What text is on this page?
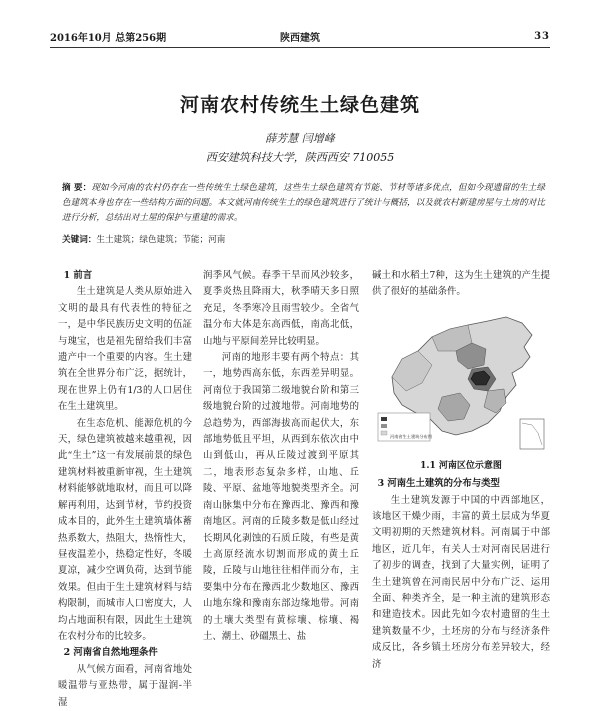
2016年10月 总第256期	陕西建筑	33
河南农村传统生土绿色建筑
薛芳慧 闫增峰
西安建筑科技大学，陕西西安 710055
摘 要：现如今河南的农村仍存在一些传统生土绿色建筑，这些生土绿色建筑有节能、节材等诸多优点，但如今现遗留的生土绿色建筑本身也存在一些结构方面的问题。本文就河南传统生土的绿色建筑进行了统计与概括，以及就农村新建房屋与土房的对比进行分析，总结出对土屋的保护与重建的需求。
关键词：生土建筑；绿色建筑；节能；河南
1 前言

生土建筑是人类从原始进入文明的最具有代表性的特征之一，是中华民族历史文明的伍証与瑰宝，也是祖先留给我们丰富遗产中一个重要的内容。生土建筑在全世界分布广泛，据统计，现在世界上仍有1/3的人口居住在生土建筑里。

在生态危机、能源危机的今天，绿色建筑被越来越重视，因此“生土”这一有发展前景的绿色建筑材料被重新审视，生土建筑材料能够就地取材，而且可以降解再利用，达到节材，节约投资成本目的，此外生土建筑墙体蓄热系数大，热阻大，热惰性大，昼夜温差小，热稳定性好，冬暖夏凉，减少空调负荷，达到节能效果。但由于生土建筑材料与结构限制，而城市人口密度大，人均占地面积有限，因此生土建筑在农村分布的比较多。

2 河南省自然地理条件

从气候方面看，河南省地处暖温带与亚热带，属于湿润-半湿

润季风气候。春季干旱而风沙较多，夏季炎热且降雨大，秋季晴天多日照充足，冬季寒冷且雨雪较少。全省气温分布大体是东高西低，南高北低，山地与平原间差异比较明显。

河南的地形丰要有两个特点：其一，地势西高东低，东西差异明显。河南位于我国第二级地貌台阶和第三级地貌台阶的过渡地带。河南地势的总趋势为，西部海拔高而起伏大，东部地势低且平坦，从西到东依次由中山到低山，再从丘陵过渡到平原其二，地表形态复杂多样，山地、丘陵、平原、盆地等地貌类型齐全。河南山脉集中分布在豫西北、豫西和豫南地区。河南的丘陵多数是低山经过长期风化剥蚀的石质丘陵，有些是黄土高原经流水切割而形成的黄土丘陵，丘陵与山地往往相伴而分布，主要集中分布在豫西北少数地区、豫西山地东缘和豫南东部边缘地带。河南的土壤大类型有黄棕壤、棕壤、褐土、潮土、砂礓黑土、盐

碱土和水稻土7种，这为生土建筑的产生提供了很好的基础条件。

河南省生土建筑分布图
1.1 河南区位示意图
3 河南生土建筑的分布与类型

生土建筑发源于中国的中西部地区，该地区干燥少雨，丰富的黄土层成为华夏文明初期的天然建筑材料。河南属于中部地区，近几年，有关人士对河南民居进行了初步的调查，找到了大量实例，证明了生土建筑曾在河南民居中分布广泛、运用全面、种类齐全，是一种主流的建筑形态和建造技术。因此先如今农村遗留的生土建筑数量不少，土坯房的分布与经济条件成反比，各乡镇土坯房分布差异较大，经济
